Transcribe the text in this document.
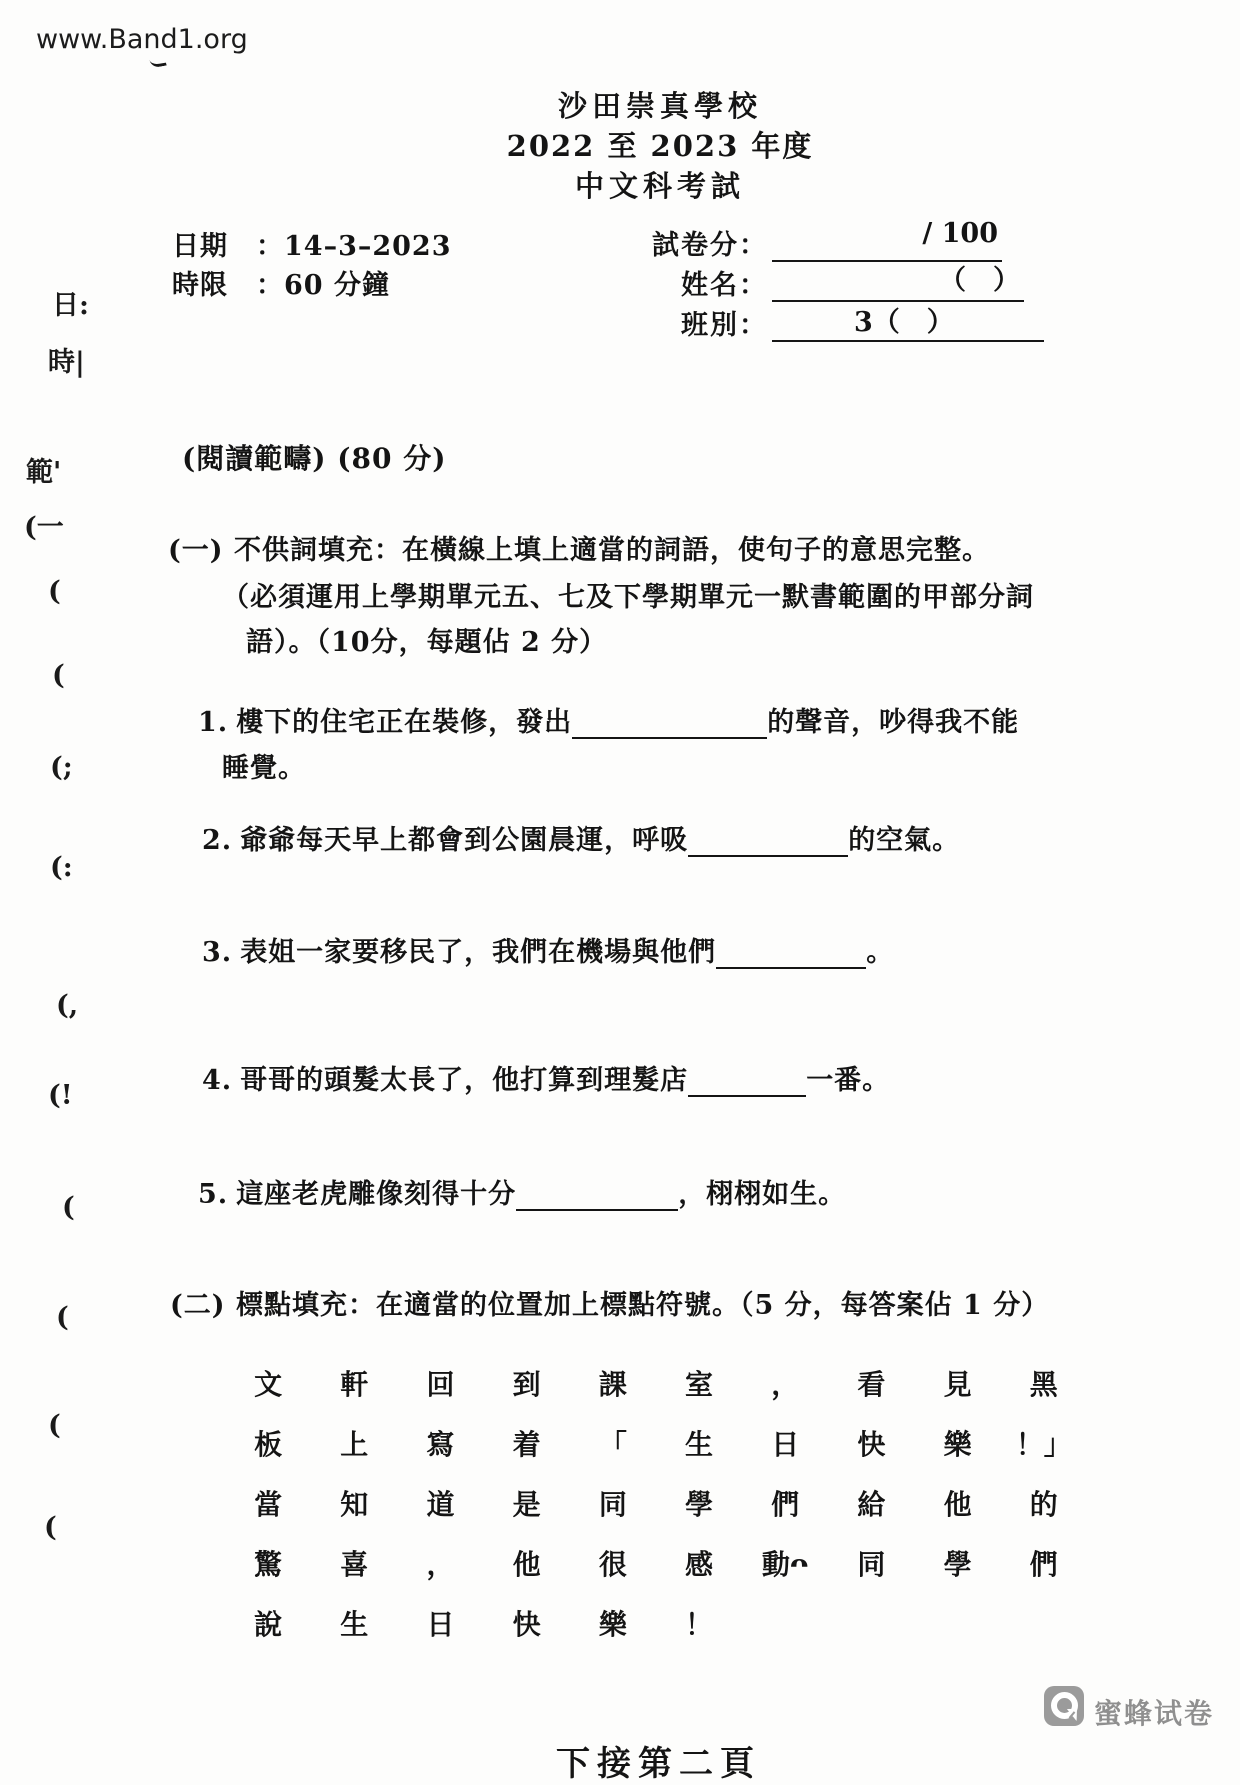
www.Band1.org
沙田崇真學校
2022 至 2023 年度
中文科考試
日期　：14–3–2023
時限　：60 分鐘
試卷分：	/ 100
姓名：	（　）
班別：	3（　）
(閱讀範疇) (80 分)
(一) 不供詞填充：在橫線上填上適當的詞語，使句子的意思完整。
（必須運用上學期單元五、七及下學期單元一默書範圍的甲部分詞
語）。（10分，每題佔 2 分）
1. 樓下的住宅正在裝修，發出	的聲音，吵得我不能
睡覺。
2. 爺爺每天早上都會到公園晨運，呼吸	的空氣。
3. 表姐一家要移民了，我們在機場與他們	。
4. 哥哥的頭髮太長了，他打算到理髮店	一番。
5. 這座老虎雕像刻得十分	，栩栩如生。
(二) 標點填充：在適當的位置加上標點符號。（5 分，每答案佔 1 分）
文	軒	回	到	課	室	，	看	見	黑
板	上	寫	着	「	生	日	快	樂	！」
當	知	道	是	同	學	們	給	他	的
驚	喜	，	他	很	感	動ᴖ	同	學	們
說	生	日	快	樂	！
下接第二頁
蜜蜂试卷
日:
時|
範'
(一
(
(
(;
(:
(,
(!
(
(
(
(
